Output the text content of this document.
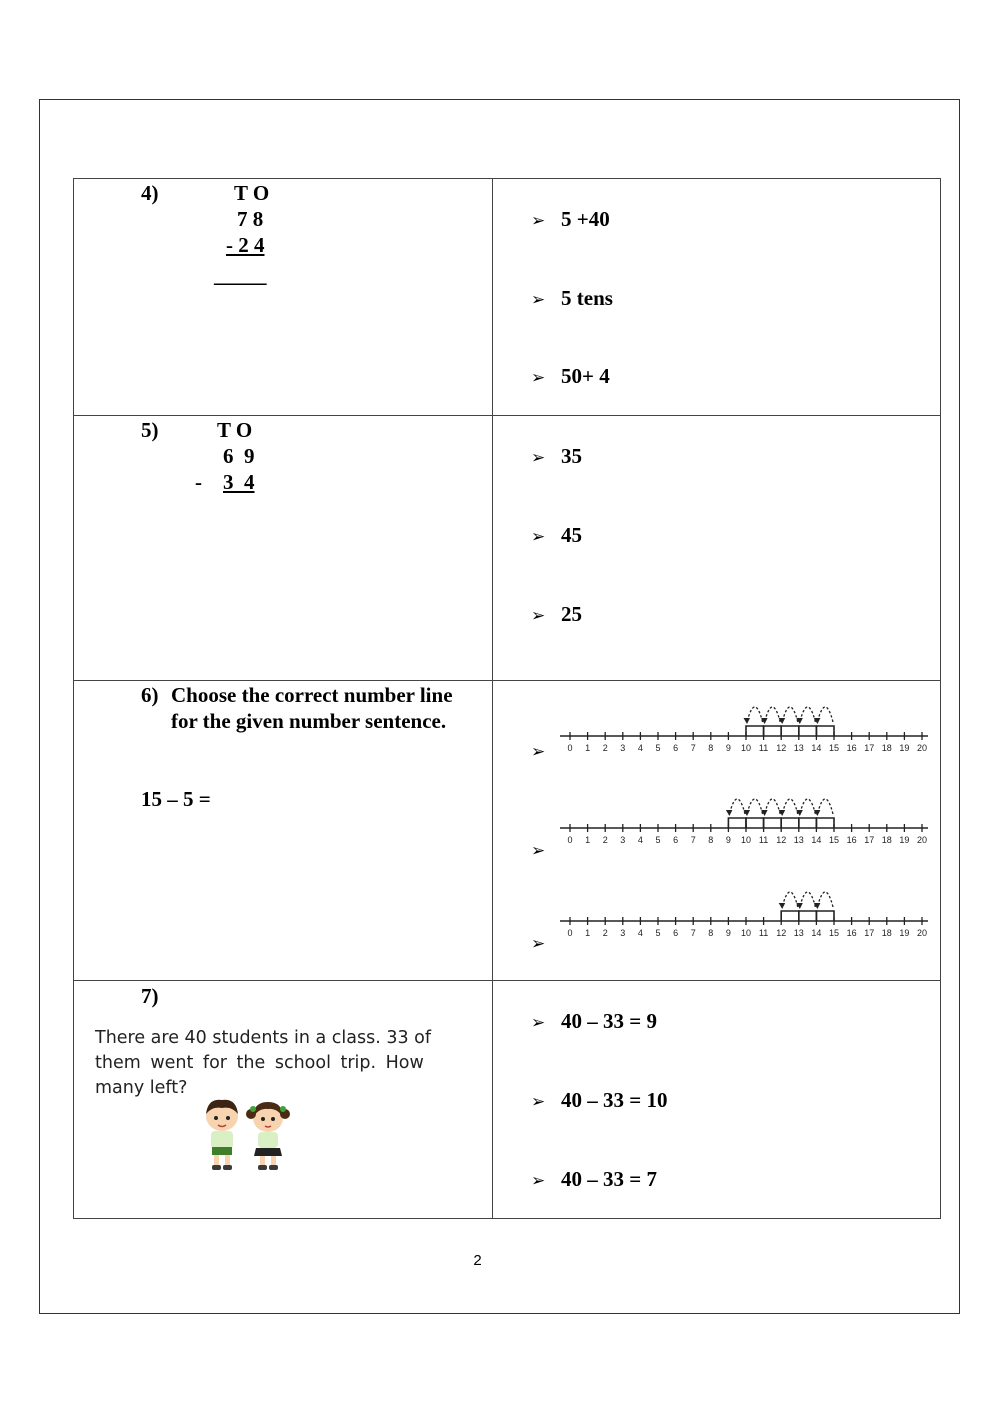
4)	T O
7 8
- 2 4
_____
➢ 5 +40
➢ 5 tens
➢ 50+ 4
5)	T O
6  9
- 3  4
➢ 35
➢ 45
➢ 25
6) Choose the correct number line
for the given number sentence.
15 – 5 =
➢
➢
➢
0 1 2 3 4 5 6 7 8 9 10 11 12 13 14 15 16 17 18 19 20
0 1 2 3 4 5 6 7 8 9 10 11 12 13 14 15 16 17 18 19 20
0 1 2 3 4 5 6 7 8 9 10 11 12 13 14 15 16 17 18 19 20
7)
There are 40 students in a class. 33 of
them went for the school trip. How
many left?
➢ 40 – 33 = 9
➢ 40 – 33 = 10
➢ 40 – 33 = 7
2
